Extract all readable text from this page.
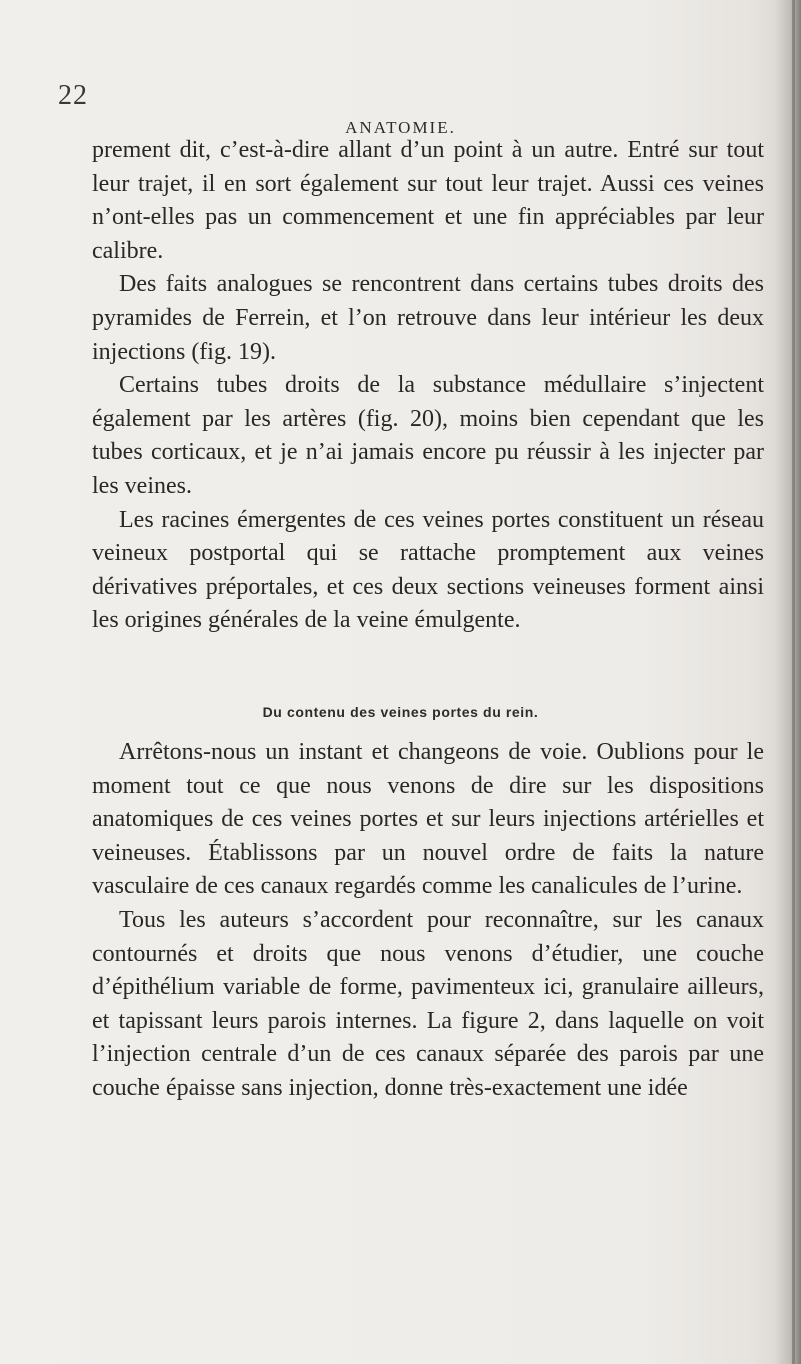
22
ANATOMIE.

prement dit, c’est-à-dire allant d’un point à un autre. Entré sur tout leur trajet, il en sort également sur tout leur trajet. Aussi ces veines n’ont-elles pas un commencement et une fin appréciables par leur calibre.

Des faits analogues se rencontrent dans certains tubes droits des pyramides de Ferrein, et l’on retrouve dans leur intérieur les deux injections (fig. 19).

Certains tubes droits de la substance médullaire s’injectent également par les artères (fig. 20), moins bien cependant que les tubes corticaux, et je n’ai jamais encore pu réussir à les injecter par les veines.

Les racines émergentes de ces veines portes constituent un réseau veineux postportal qui se rattache promptement aux veines dérivatives préportales, et ces deux sections veineuses forment ainsi les origines générales de la veine émulgente.

Du contenu des veines portes du rein.

Arrêtons-nous un instant et changeons de voie. Oublions pour le moment tout ce que nous venons de dire sur les dispositions anatomiques de ces veines portes et sur leurs injections artérielles et veineuses. Établissons par un nouvel ordre de faits la nature vasculaire de ces canaux regardés comme les canalicules de l’urine.

Tous les auteurs s’accordent pour reconnaître, sur les canaux contournés et droits que nous venons d’étudier, une couche d’épithélium variable de forme, pavimenteux ici, granulaire ailleurs, et tapissant leurs parois internes. La figure 2, dans laquelle on voit l’injection centrale d’un de ces canaux séparée des parois par une couche épaisse sans injection, donne très-exactement une idée
